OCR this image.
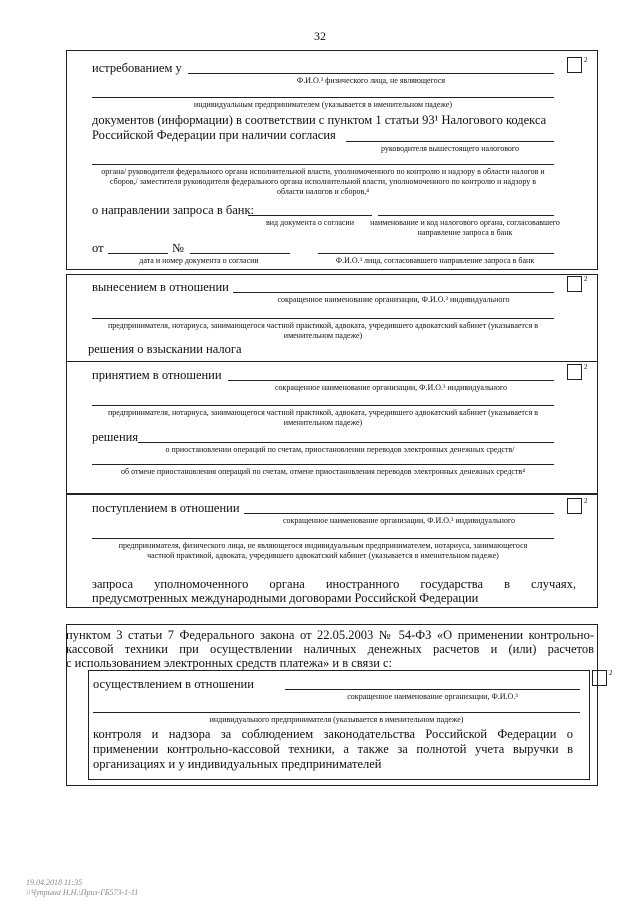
32
2
истребованием у
Ф.И.О.³ физического лица, не являющегося
индивидуальным предпринимателем (указывается в именительном падеже)
документов (информации) в соответствии с пунктом 1 статьи 93¹ Налогового кодекса
Российской Федерации при наличии согласия
руководителя вышестоящего налогового
органа/ руководителя федерального органа исполнительной власти, уполномоченного по контролю и надзору в области налогов и сборов,/ заместителя руководителя федерального органа исполнительной власти, уполномоченного по контролю и надзору в области налогов и сборов,⁴
о направлении запроса в банк:
вид документа о согласии	наименование и код налогового органа, согласовавшего направление запроса в банк
от	№
дата и номер документа о согласии	Ф.И.О.³ лица, согласовавшего направление запроса в банк
2
вынесением в отношении
сокращенное наименование организации, Ф.И.О.³ индивидуального
предпринимателя, нотариуса, занимающегося частной практикой, адвоката, учредившего адвокатский кабинет (указывается в именительном падеже)
решения о взыскании налога
2
принятием в отношении
сокращенное наименование организации, Ф.И.О.³ индивидуального
предпринимателя, нотариуса, занимающегося частной практикой, адвоката, учредившего адвокатский кабинет (указывается в именительном падеже)
решения
о приостановлении операций по счетам, приостановлении переводов электронных денежных средств/
об отмене приостановления операций по счетам, отмене приостановления переводов электронных денежных средств⁴
2
поступлением в отношении
сокращенное наименование организации, Ф.И.О.³ индивидуального
предпринимателя, физического лица, не являющегося индивидуальным предпринимателем, нотариуса, занимающегося частной практикой, адвоката, учредившего адвокатский кабинет (указывается в именительном падеже)
запроса уполномоченного органа иностранного государства в случаях,
предусмотренных международными договорами Российской Федерации
пунктом 3 статьи 7 Федерального закона от 22.05.2003 № 54-ФЗ «О применении контрольно-
кассовой техники при осуществлении наличных денежных расчетов и (или) расчетов
с использованием электронных средств платежа» и в связи с:
2
осуществлением в отношении
сокращенное наименование организации, Ф.И.О.³
индивидуального предпринимателя (указывается в именительном падеже)
контроля и надзора за соблюдением законодательства Российской Федерации о
применении контрольно-кассовой техники, а также за полнотой учета выручки в
организациях и у индивидуальных предпринимателей
19.04.2018 11:35
\\Чупрына Н.Н.\Приз-ГБ573-1-11
